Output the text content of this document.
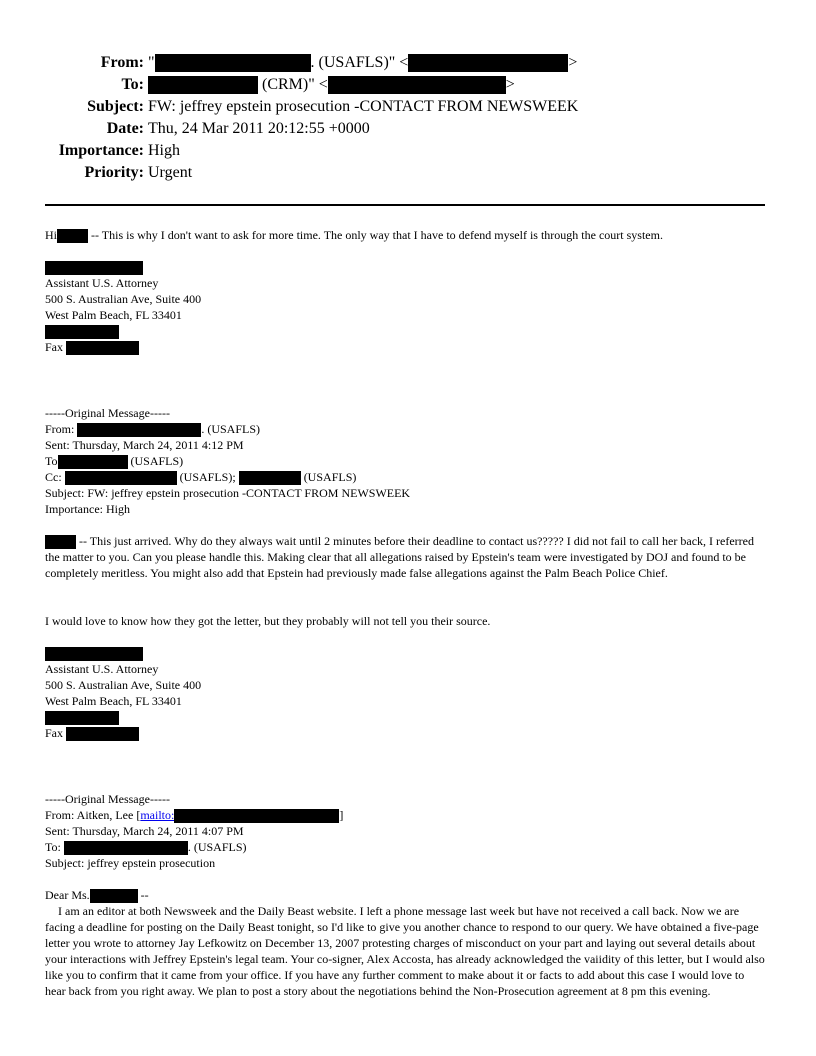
From: "	. (USAFLS)" <	>
To:	(CRM)" <	>
Subject: FW: jeffrey epstein prosecution -CONTACT FROM NEWSWEEK
Date: Thu, 24 Mar 2011 20:12:55 +0000
Importance: High
Priority: Urgent
Hi	-- This is why I don't want to ask for more time. The only way that I have to defend myself is through the court system.
Assistant U.S. Attorney
500 S. Australian Ave, Suite 400
West Palm Beach, FL 33401
Fax
-----Original Message-----
From:	. (USAFLS)
Sent: Thursday, March 24, 2011 4:12 PM
To	(USAFLS)
Cc:	(USAFLS);	(USAFLS)
Subject: FW: jeffrey epstein prosecution -CONTACT FROM NEWSWEEK
Importance: High
-- This just arrived. Why do they always wait until 2 minutes before their deadline to contact us????? I did not fail to call her back, I referred the matter to you. Can you please handle this. Making clear that all allegations raised by Epstein's team were investigated by DOJ and found to be completely meritless. You might also add that Epstein had previously made false allegations against the Palm Beach Police Chief.
I would love to know how they got the letter, but they probably will not tell you their source.
Assistant U.S. Attorney
500 S. Australian Ave, Suite 400
West Palm Beach, FL 33401
Fax
-----Original Message-----
From: Aitken, Lee [mailto:	]
Sent: Thursday, March 24, 2011 4:07 PM
To:	. (USAFLS)
Subject: jeffrey epstein prosecution
Dear Ms.	--
I am an editor at both Newsweek and the Daily Beast website. I left a phone message last week but have not received a call back. Now we are facing a deadline for posting on the Daily Beast tonight, so I'd like to give you another chance to respond to our query. We have obtained a five-page letter you wrote to attorney Jay Lefkowitz on December 13, 2007 protesting charges of misconduct on your part and laying out several details about your interactions with Jeffrey Epstein's legal team. Your co-signer, Alex Accosta, has already acknowledged the vaiidity of this letter, but I would also like you to confirm that it came from your office. If you have any further comment to make about it or facts to add about this case I would love to hear back from you right away. We plan to post a story about the negotiations behind the Non-Prosecution agreement at 8 pm this evening.
